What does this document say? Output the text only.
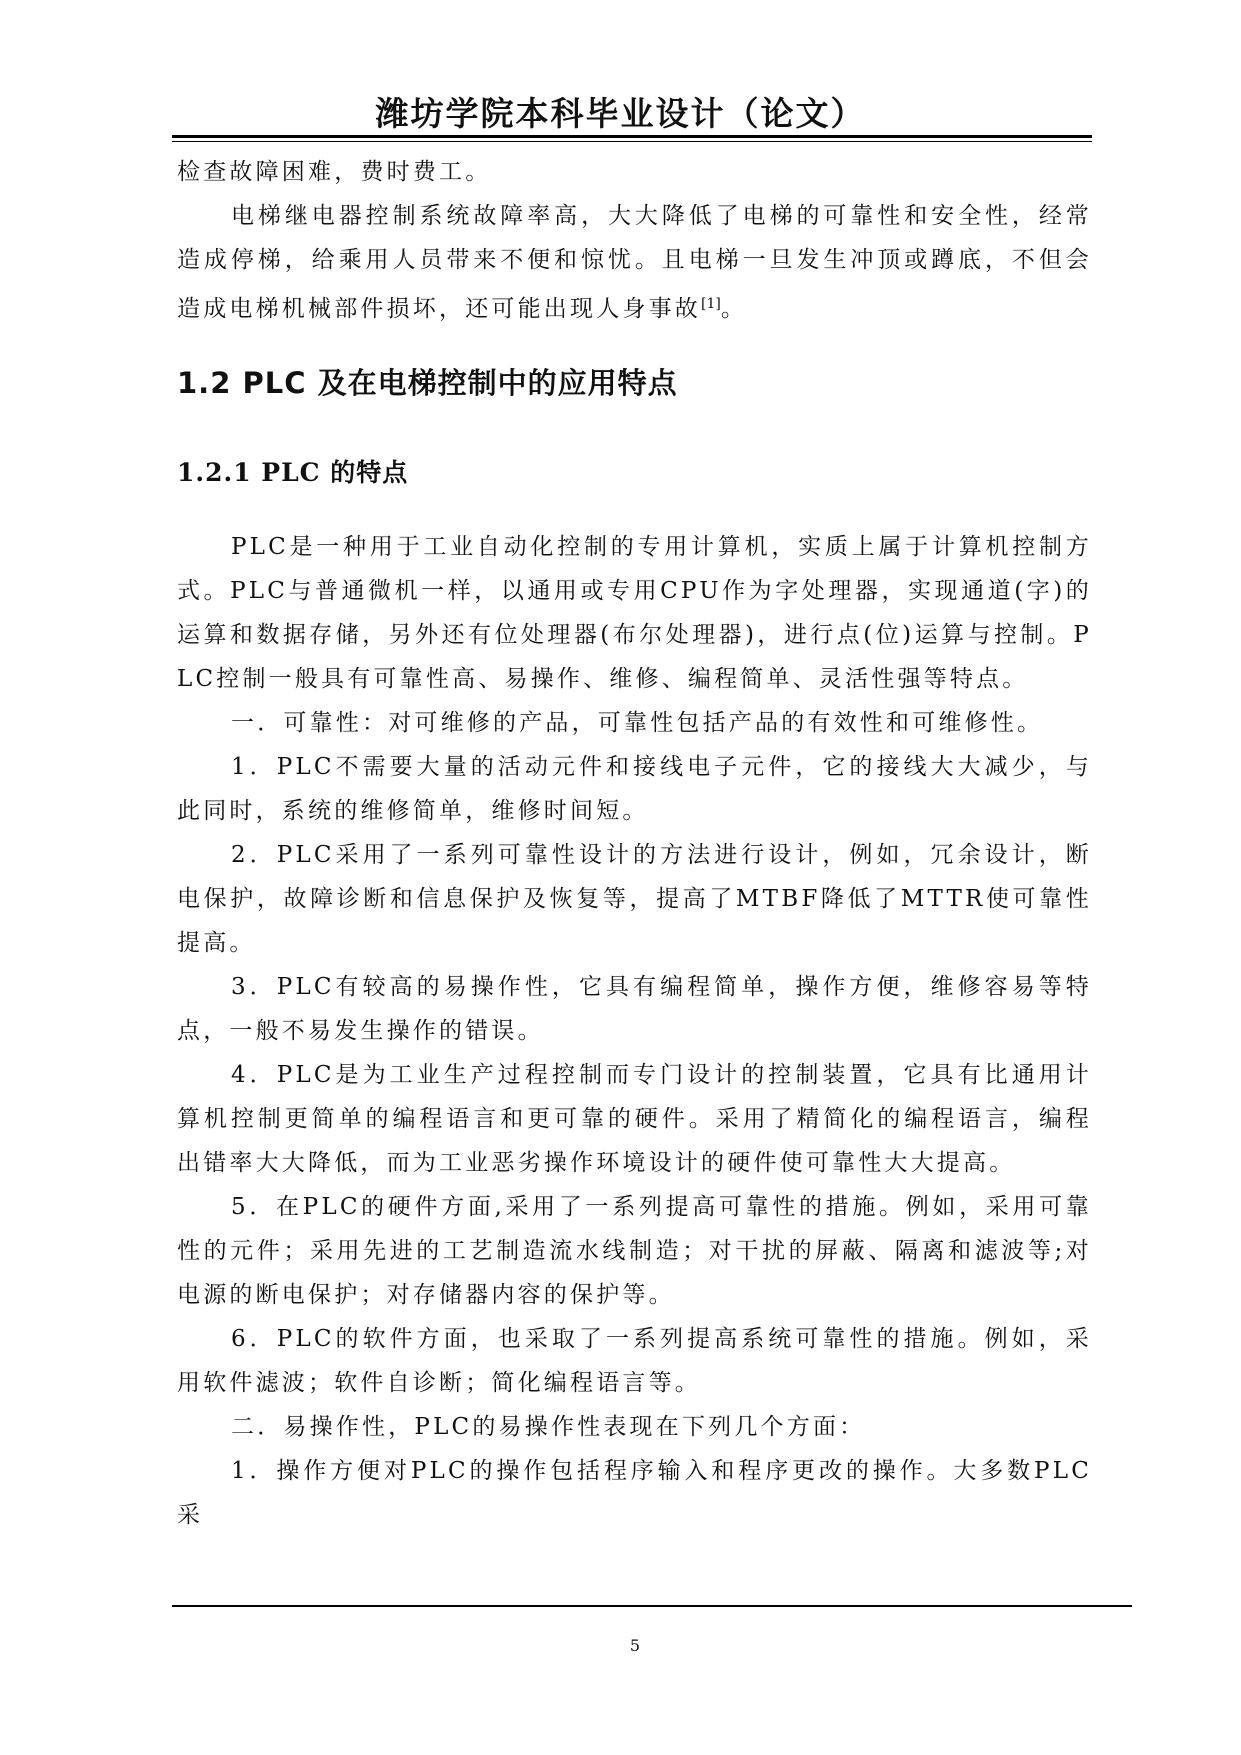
潍坊学院本科毕业设计（论文）

检查故障困难，费时费工。

电梯继电器控制系统故障率高，大大降低了电梯的可靠性和安全性，经常造成停梯，给乘用人员带来不便和惊忧。且电梯一旦发生冲顶或蹲底，不但会造成电梯机械部件损坏，还可能出现人身事故[1]。

1.2 PLC 及在电梯控制中的应用特点
1.2.1 PLC 的特点

PLC是一种用于工业自动化控制的专用计算机，实质上属于计算机控制方式。PLC与普通微机一样，以通用或专用CPU作为字处理器，实现通道(字)的运算和数据存储，另外还有位处理器(布尔处理器)，进行点(位)运算与控制。PLC控制一般具有可靠性高、易操作、维修、编程简单、灵活性强等特点。

一．可靠性：对可维修的产品，可靠性包括产品的有效性和可维修性。

1．PLC不需要大量的活动元件和接线电子元件，它的接线大大减少，与此同时，系统的维修简单，维修时间短。

2．PLC采用了一系列可靠性设计的方法进行设计，例如，冗余设计，断电保护，故障诊断和信息保护及恢复等，提高了MTBF降低了MTTR使可靠性提高。

3．PLC有较高的易操作性，它具有编程简单，操作方便，维修容易等特点，一般不易发生操作的错误。

4．PLC是为工业生产过程控制而专门设计的控制装置，它具有比通用计算机控制更简单的编程语言和更可靠的硬件。采用了精简化的编程语言，编程出错率大大降低，而为工业恶劣操作环境设计的硬件使可靠性大大提高。

5．在PLC的硬件方面,采用了一系列提高可靠性的措施。例如，采用可靠性的元件；采用先进的工艺制造流水线制造；对干扰的屏蔽、隔离和滤波等;对电源的断电保护；对存储器内容的保护等。

6．PLC的软件方面，也采取了一系列提高系统可靠性的措施。例如，采用软件滤波；软件自诊断；简化编程语言等。

二．易操作性，PLC的易操作性表现在下列几个方面：

1．操作方便对PLC的操作包括程序输入和程序更改的操作。大多数PLC采

5
